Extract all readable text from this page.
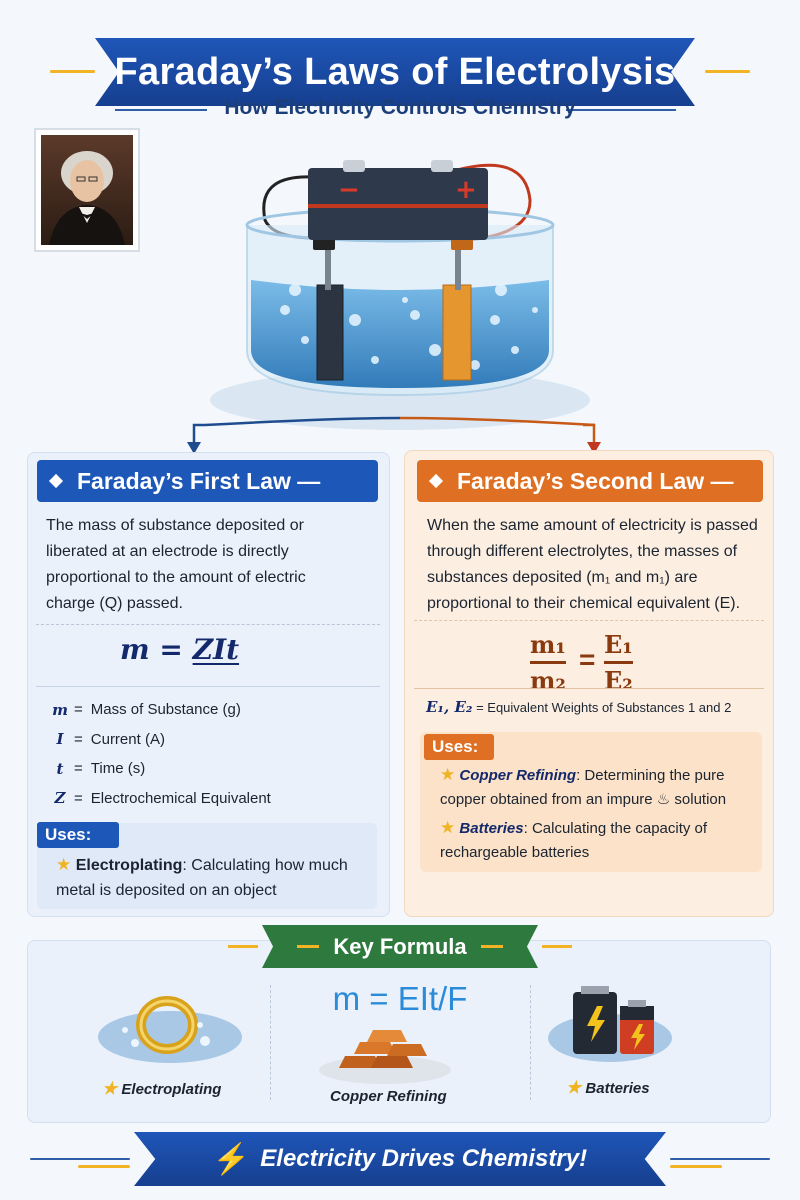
Faraday’s Laws of Electrolysis
How Electricity Controls Chemistry
−	+
Faraday’s First Law —
The mass of substance deposited or liberated at an electrode is directly proportional to the amount of electric charge (Q) passed.
m = ZIt
m = Mass of Substance (g)
I = Current (A)
t = Time (s)
Z = Electrochemical Equivalent
Uses:
★ Electroplating: Calculating how much metal is deposited on an object
Faraday’s Second Law —
When the same amount of electricity is passed through different electrolytes, the masses of substances deposited (m₁ and m₁) are proportional to their chemical equivalent (E).
m₁
m₂
= E₁
E₂
E₁, E₂ = Equivalent Weights of Substances 1 and 2
Uses:
★ Copper Refining: Determining the pure copper obtained from an impure ♨ solution
★ Batteries: Calculating the capacity of rechargeable batteries
Key Formula
m = EIt/F
★ Electroplating	Copper Refining	★ Batteries
⚡ Electricity Drives Chemistry!
